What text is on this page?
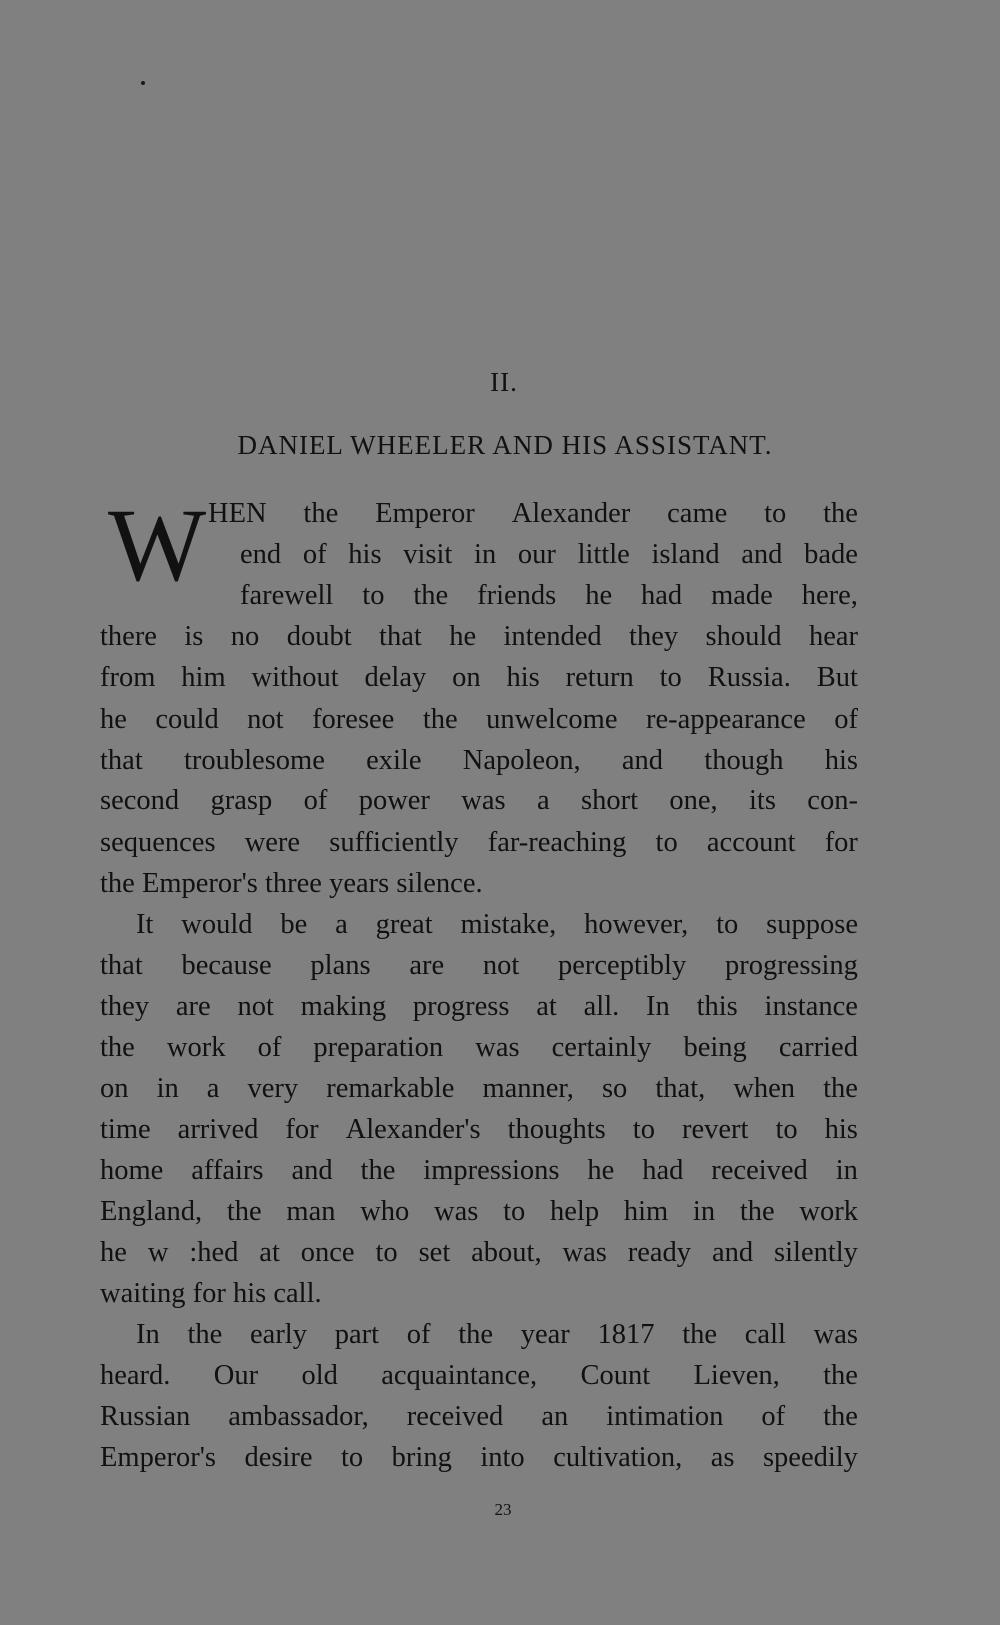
II.
DANIEL WHEELER AND HIS ASSISTANT.
W HEN the Emperor Alexander came to the
end of his visit in our little island and bade
farewell to the friends he had made here,
there is no doubt that he intended they should hear
from him without delay on his return to Russia. But
he could not foresee the unwelcome re-appearance of
that troublesome exile Napoleon, and though his
second grasp of power was a short one, its con-
sequences were sufficiently far-reaching to account for
the Emperor's three years silence.
It would be a great mistake, however, to suppose
that because plans are not perceptibly progressing
they are not making progress at all. In this instance
the work of preparation was certainly being carried
on in a very remarkable manner, so that, when the
time arrived for Alexander's thoughts to revert to his
home affairs and the impressions he had received in
England, the man who was to help him in the work
he w :hed at once to set about, was ready and silently
waiting for his call.
In the early part of the year 1817 the call was
heard. Our old acquaintance, Count Lieven, the
Russian ambassador, received an intimation of the
Emperor's desire to bring into cultivation, as speedily
23
